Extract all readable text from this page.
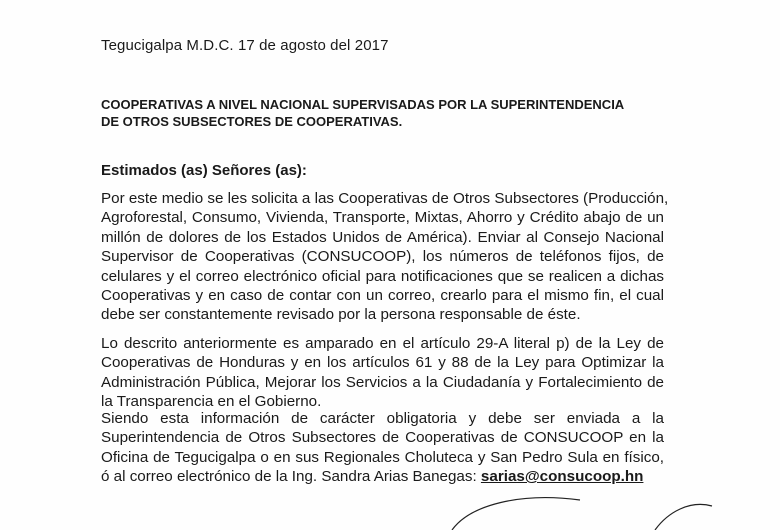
Tegucigalpa M.D.C. 17 de agosto del 2017
COOPERATIVAS A NIVEL NACIONAL SUPERVISADAS POR LA SUPERINTENDENCIA
DE OTROS SUBSECTORES DE COOPERATIVAS.
Estimados (as) Señores (as):
Por este medio se les solicita a las Cooperativas de Otros Subsectores (Producción,
Agroforestal, Consumo, Vivienda, Transporte, Mixtas, Ahorro y Crédito abajo de un
millón de dolores de los Estados Unidos de América). Enviar al Consejo Nacional
Supervisor de Cooperativas (CONSUCOOP), los números de teléfonos fijos, de
celulares y el correo electrónico oficial para notificaciones que se realicen a dichas
Cooperativas y en caso de contar con un correo, crearlo para el mismo fin, el cual
debe ser constantemente revisado por la persona responsable de éste.
Lo descrito anteriormente es amparado en el artículo 29-A literal p) de la Ley de
Cooperativas de Honduras y en los artículos 61 y 88 de la Ley para Optimizar la
Administración Pública, Mejorar los Servicios a la Ciudadanía y Fortalecimiento de
la Transparencia en el Gobierno.
Siendo esta información de carácter obligatoria y debe ser enviada a la
Superintendencia de Otros Subsectores de Cooperativas de CONSUCOOP en la
Oficina de Tegucigalpa o en sus Regionales Choluteca y San Pedro Sula en físico,
ó al correo electrónico de la Ing. Sandra Arias Banegas: sarias@consucoop.hn
